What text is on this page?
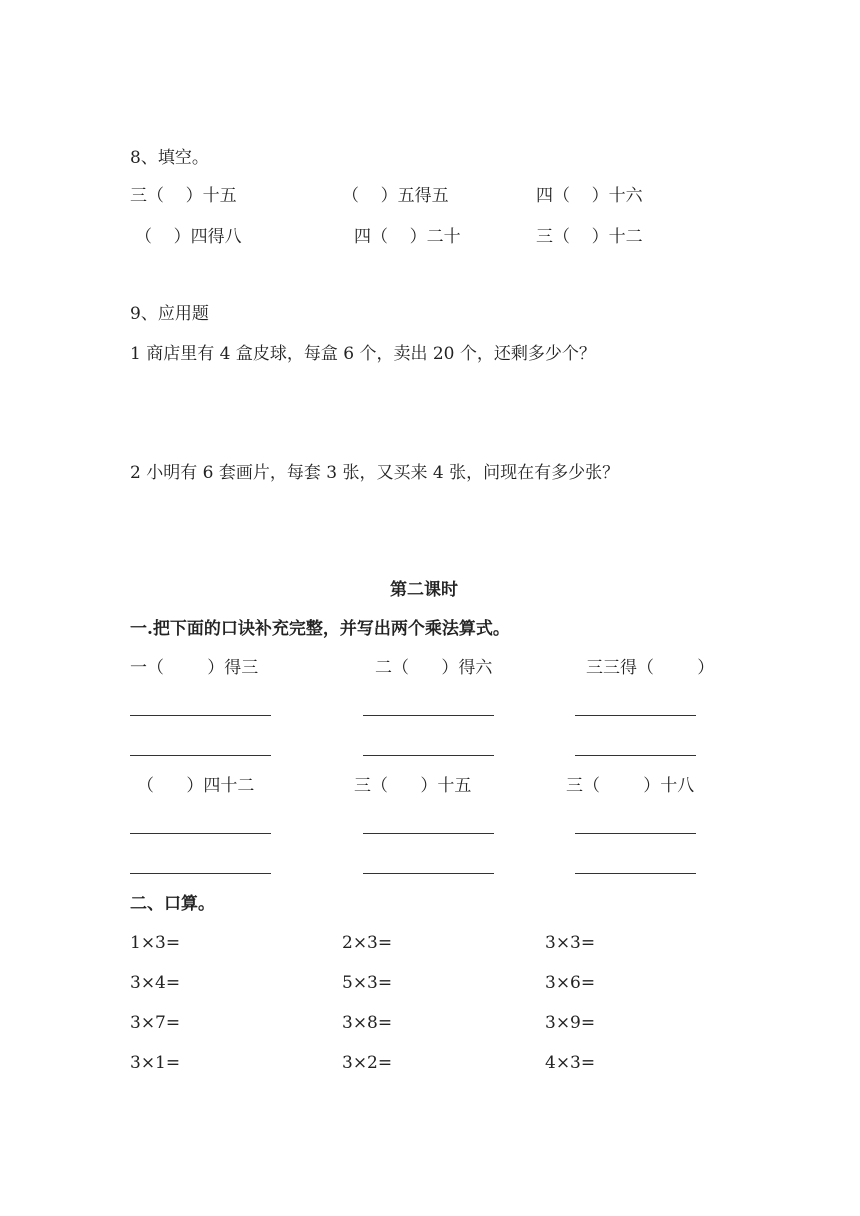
8、填空。
三（    ）十五	（    ）五得五	四（    ）十六
（    ）四得八	四（    ）二十	三（    ）十二
9、应用题
1 商店里有 4 盒皮球，每盒 6 个，卖出 20 个，还剩多少个？
2 小明有 6 套画片，每套 3 张，又买来 4 张，问现在有多少张？
第二课时
一.把下面的口诀补充完整，并写出两个乘法算式。
一（        ）得三	二（      ）得六	三三得（        ）
（      ）四十二	三（      ）十五	三（        ）十八
二、口算。
1×3=	2×3=	3×3=
3×4=	5×3=	3×6=
3×7=	3×8=	3×9=
3×1=	3×2=	4×3=
